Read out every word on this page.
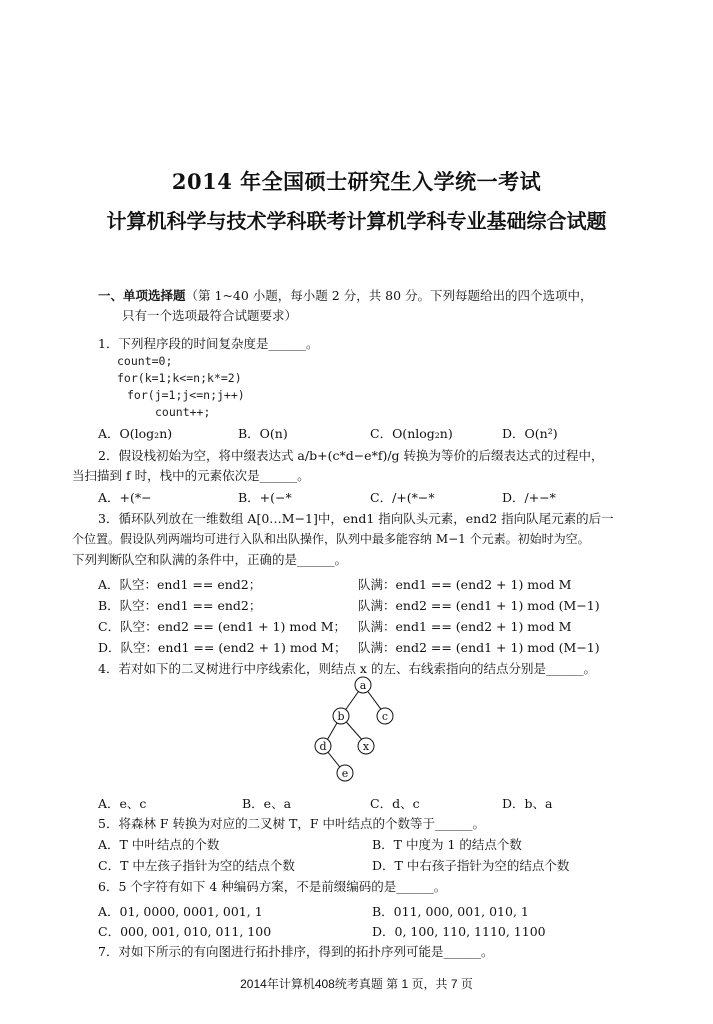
2014 年全国硕士研究生入学统一考试
计算机科学与技术学科联考计算机学科专业基础综合试题
一、单项选择题（第 1~40 小题，每小题 2 分，共 80 分。下列每题给出的四个选项中，
只有一个选项最符合试题要求）
1．下列程序段的时间复杂度是______。
count=0;
for(k=1;k<=n;k*=2)
for(j=1;j<=n;j++)
count++;
A．O(log₂n)	B．O(n)	C．O(nlog₂n)	D．O(n²)
2．假设栈初始为空，将中缀表达式 a/b+(c*d−e*f)/g 转换为等价的后缀表达式的过程中，
当扫描到 f 时，栈中的元素依次是______。
A．+(*−	B．+(−*	C．/+(*−*	D．/+−*
3．循环队列放在一维数组 A[0…M−1]中，end1 指向队头元素，end2 指向队尾元素的后一
个位置。假设队列两端均可进行入队和出队操作，队列中最多能容纳 M−1 个元素。初始时为空。
下列判断队空和队满的条件中，正确的是______。
A．队空：end1 == end2；	队满：end1 == (end2 + 1) mod M
B．队空：end1 == end2；	队满：end2 == (end1 + 1) mod (M−1)
C．队空：end2 == (end1 + 1) mod M； 队满：end1 == (end2 + 1) mod M
D．队空：end1 == (end2 + 1) mod M； 队满：end2 == (end1 + 1) mod (M−1)
4．若对如下的二叉树进行中序线索化，则结点 x 的左、右线索指向的结点分别是______。
a
b	c
d	x
e
A．e、c	B．e、a	C．d、c	D．b、a
5．将森林 F 转换为对应的二叉树 T，F 中叶结点的个数等于______。
A．T 中叶结点的个数	B．T 中度为 1 的结点个数
C．T 中左孩子指针为空的结点个数	D．T 中右孩子指针为空的结点个数
6．5 个字符有如下 4 种编码方案，不是前缀编码的是______。
A．01, 0000, 0001, 001, 1	B．011, 000, 001, 010, 1
C．000, 001, 010, 011, 100	D．0, 100, 110, 1110, 1100
7．对如下所示的有向图进行拓扑排序，得到的拓扑序列可能是______。
2014年计算机408统考真题 第 1 页，共 7 页
